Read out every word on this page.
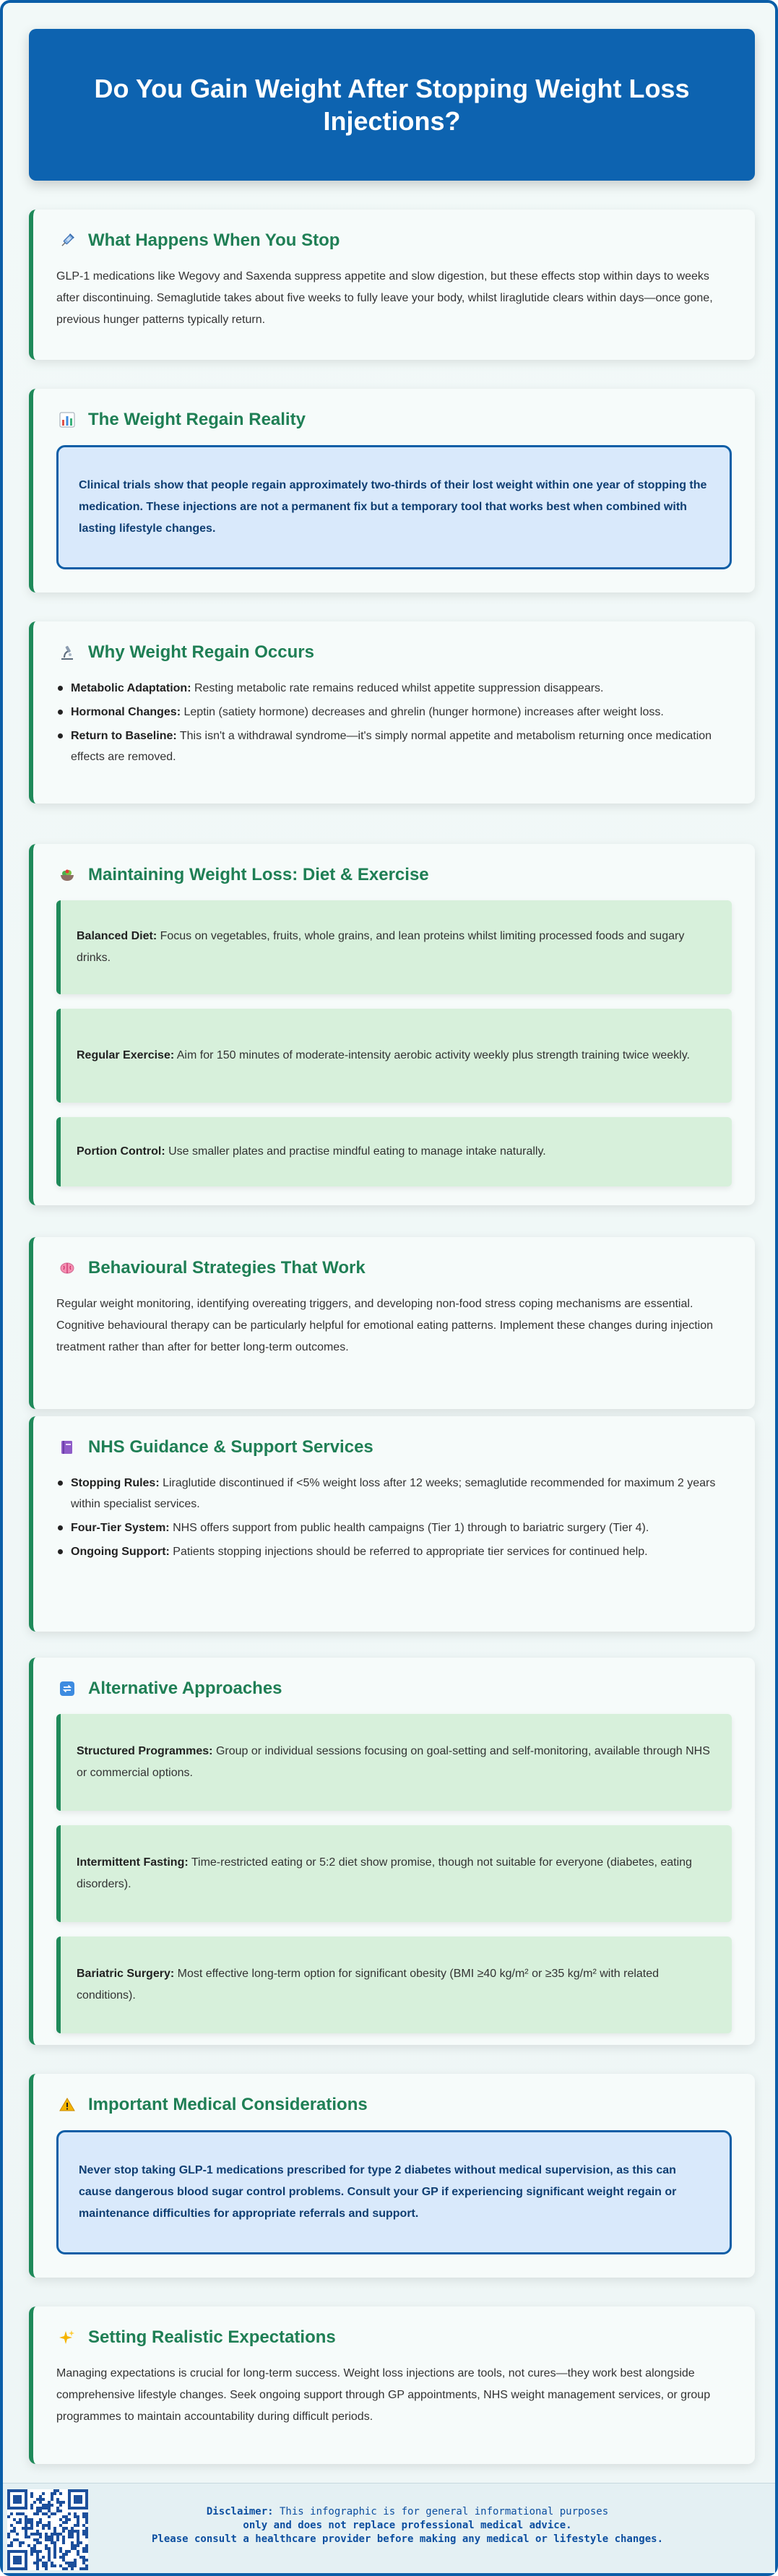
Do You Gain Weight After Stopping Weight Loss Injections?
What Happens When You Stop

GLP-1 medications like Wegovy and Saxenda suppress appetite and slow digestion, but these effects stop within days to weeks after discontinuing. Semaglutide takes about five weeks to fully leave your body, whilst liraglutide clears within days—once gone, previous hunger patterns typically return.

The Weight Regain Reality
Clinical trials show that people regain approximately two-thirds of their lost weight within one year of stopping the medication. These injections are not a permanent fix but a temporary tool that works best when combined with lasting lifestyle changes.
Why Weight Regain Occurs
Metabolic Adaptation: Resting metabolic rate remains reduced whilst appetite suppression disappears.
Hormonal Changes: Leptin (satiety hormone) decreases and ghrelin (hunger hormone) increases after weight loss.
Return to Baseline: This isn't a withdrawal syndrome—it's simply normal appetite and metabolism returning once medication effects are removed.
Maintaining Weight Loss: Diet & Exercise
Balanced Diet: Focus on vegetables, fruits, whole grains, and lean proteins whilst limiting processed foods and sugary drinks.
Regular Exercise: Aim for 150 minutes of moderate-intensity aerobic activity weekly plus strength training twice weekly.
Portion Control: Use smaller plates and practise mindful eating to manage intake naturally.
Behavioural Strategies That Work

Regular weight monitoring, identifying overeating triggers, and developing non-food stress coping mechanisms are essential. Cognitive behavioural therapy can be particularly helpful for emotional eating patterns. Implement these changes during injection treatment rather than after for better long-term outcomes.

NHS Guidance & Support Services
Stopping Rules: Liraglutide discontinued if <5% weight loss after 12 weeks; semaglutide recommended for maximum 2 years within specialist services.
Four-Tier System: NHS offers support from public health campaigns (Tier 1) through to bariatric surgery (Tier 4).
Ongoing Support: Patients stopping injections should be referred to appropriate tier services for continued help.
Alternative Approaches
Structured Programmes: Group or individual sessions focusing on goal-setting and self-monitoring, available through NHS or commercial options.
Intermittent Fasting: Time-restricted eating or 5:2 diet show promise, though not suitable for everyone (diabetes, eating disorders).
Bariatric Surgery: Most effective long-term option for significant obesity (BMI ≥40 kg/m² or ≥35 kg/m² with related conditions).
Important Medical Considerations
Never stop taking GLP-1 medications prescribed for type 2 diabetes without medical supervision, as this can cause dangerous blood sugar control problems. Consult your GP if experiencing significant weight regain or maintenance difficulties for appropriate referrals and support.
Setting Realistic Expectations

Managing expectations is crucial for long-term success. Weight loss injections are tools, not cures—they work best alongside comprehensive lifestyle changes. Seek ongoing support through GP appointments, NHS weight management services, or group programmes to maintain accountability during difficult periods.

Disclaimer: This infographic is for general informational purposes
only and does not replace professional medical advice.
Please consult a healthcare provider before making any medical or lifestyle changes.
